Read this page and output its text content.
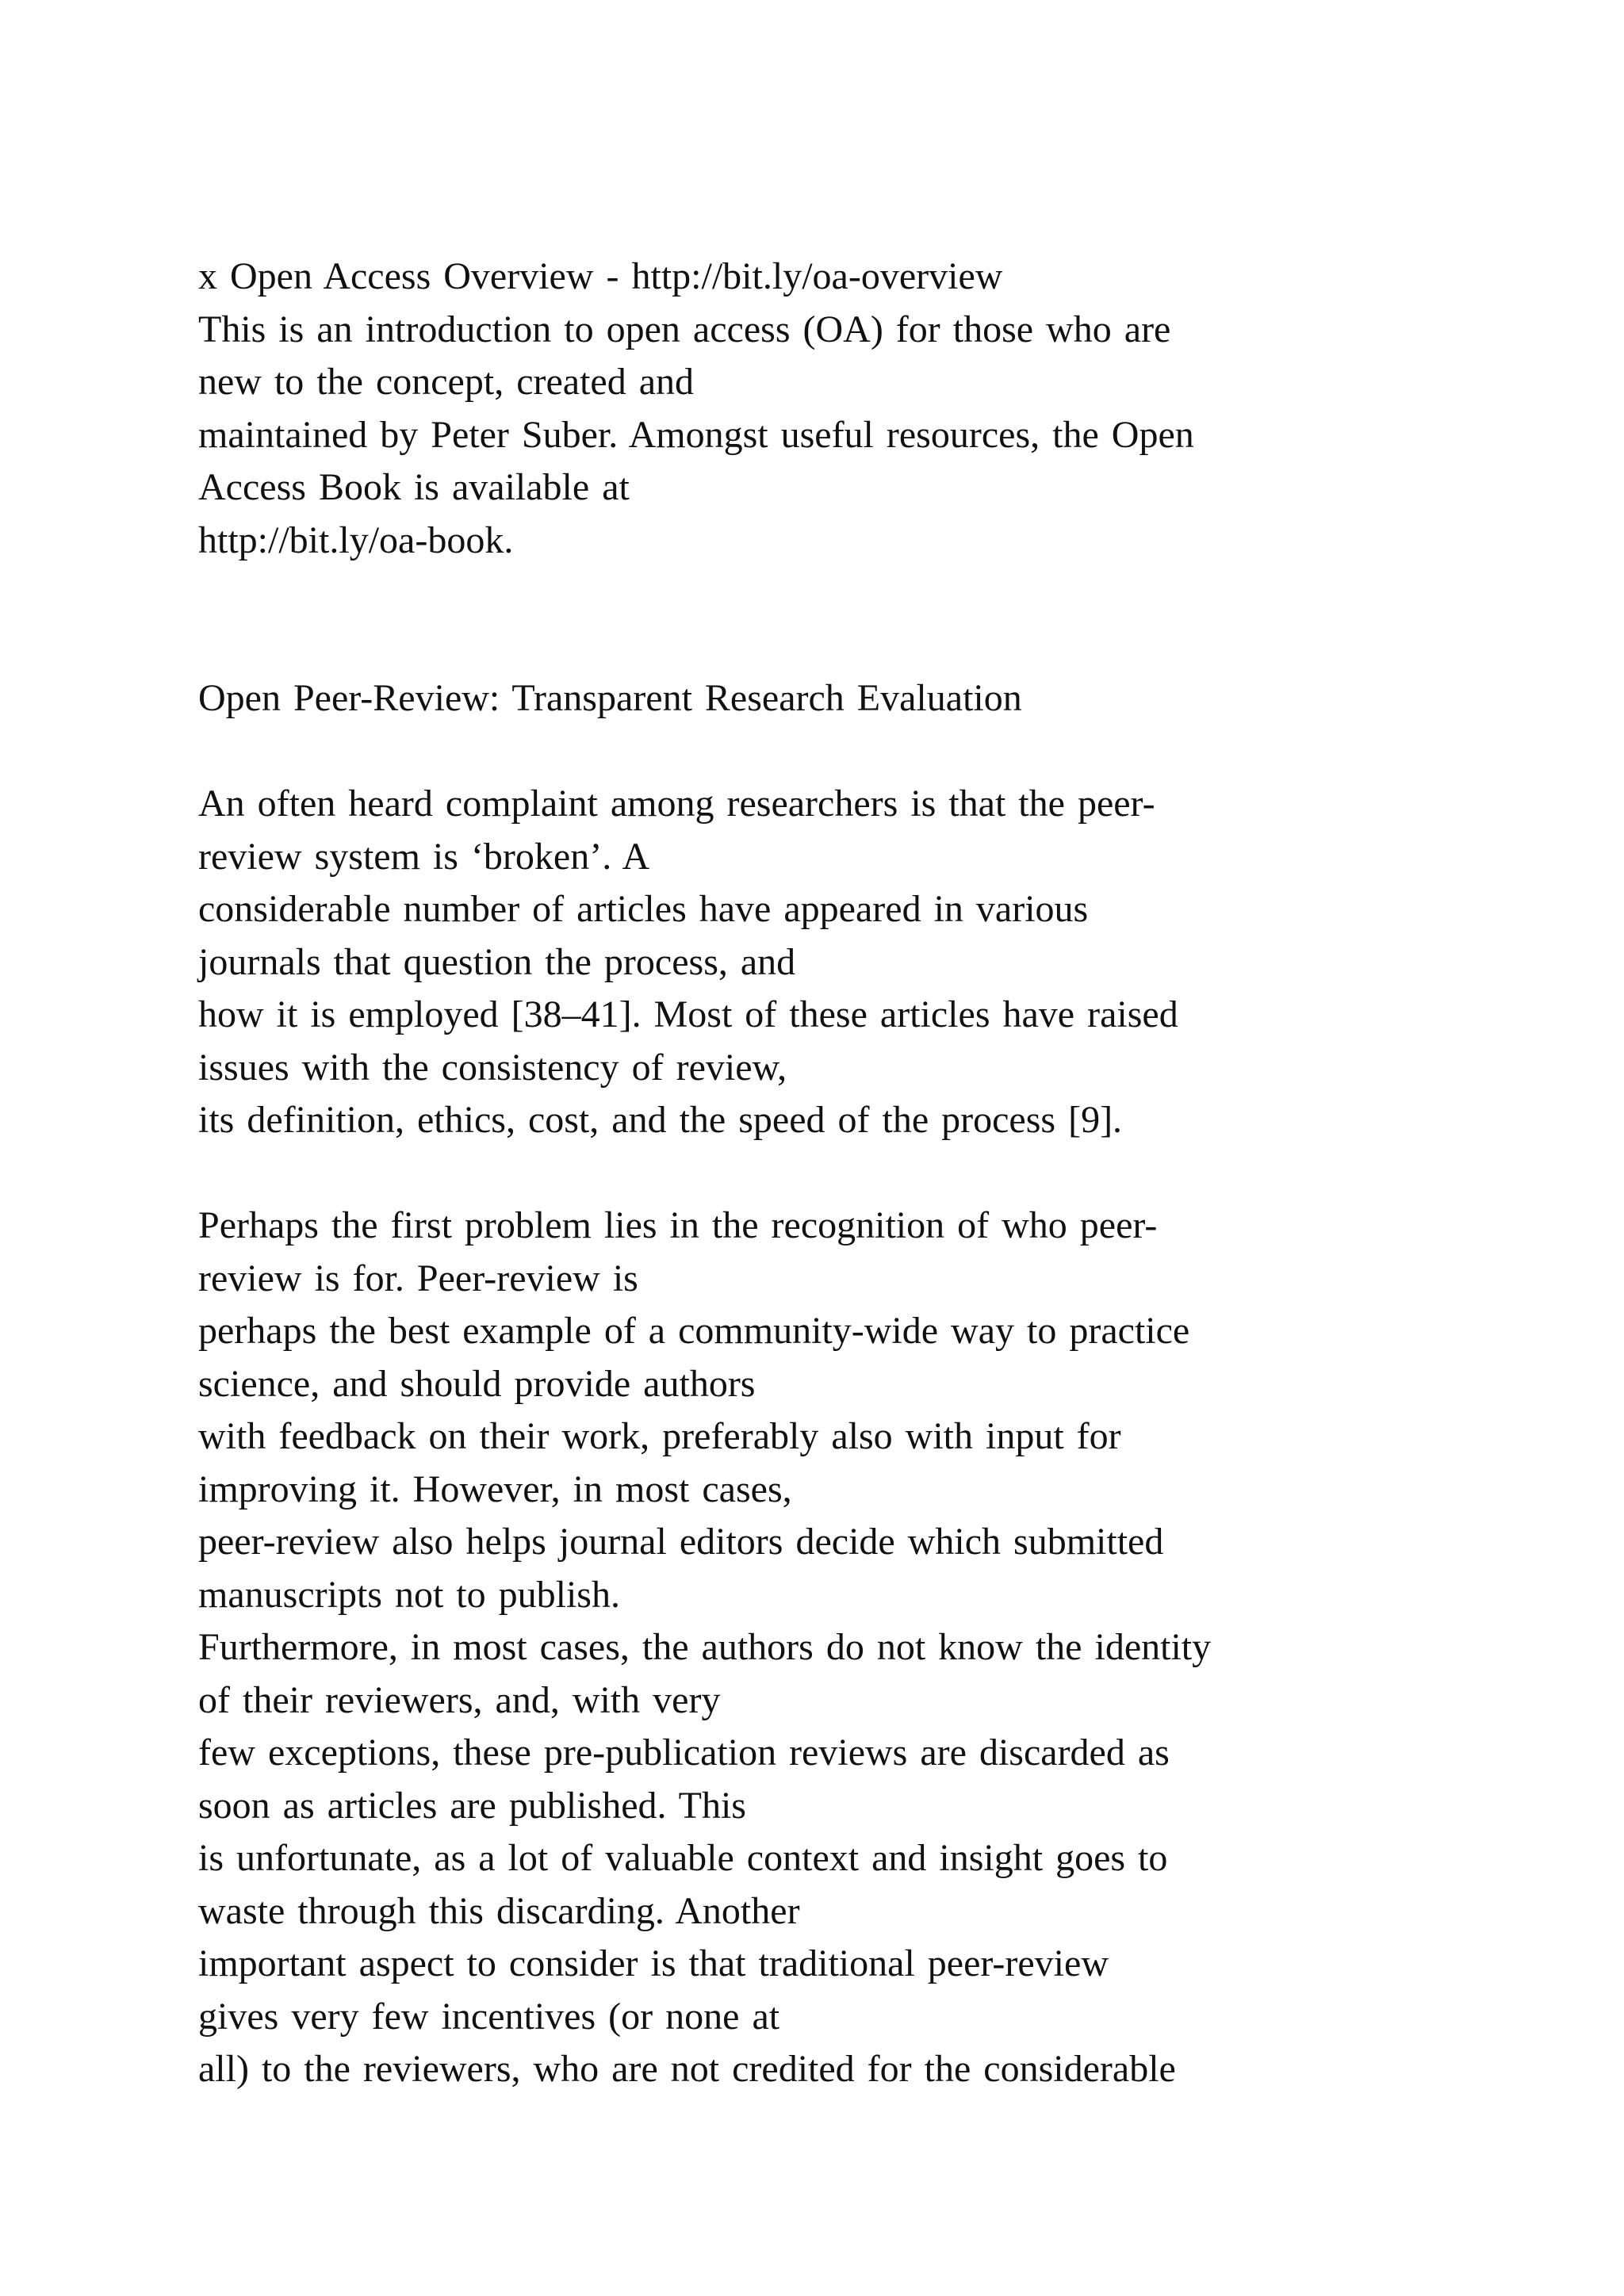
x Open Access Overview - http://bit.ly/oa-overview
This is an introduction to open access (OA) for those who are
new to the concept, created and
maintained by Peter Suber. Amongst useful resources, the Open
Access Book is available at
http://bit.ly/oa-book.
Open Peer-Review: Transparent Research Evaluation
An often heard complaint among researchers is that the peer-
review system is ‘broken’. A
considerable number of articles have appeared in various
journals that question the process, and
how it is employed [38–41]. Most of these articles have raised
issues with the consistency of review,
its definition, ethics, cost, and the speed of the process [9].
Perhaps the first problem lies in the recognition of who peer-
review is for. Peer-review is
perhaps the best example of a community-wide way to practice
science, and should provide authors
with feedback on their work, preferably also with input for
improving it. However, in most cases,
peer-review also helps journal editors decide which submitted
manuscripts not to publish.
Furthermore, in most cases, the authors do not know the identity
of their reviewers, and, with very
few exceptions, these pre-publication reviews are discarded as
soon as articles are published. This
is unfortunate, as a lot of valuable context and insight goes to
waste through this discarding. Another
important aspect to consider is that traditional peer-review
gives very few incentives (or none at
all) to the reviewers, who are not credited for the considerable
